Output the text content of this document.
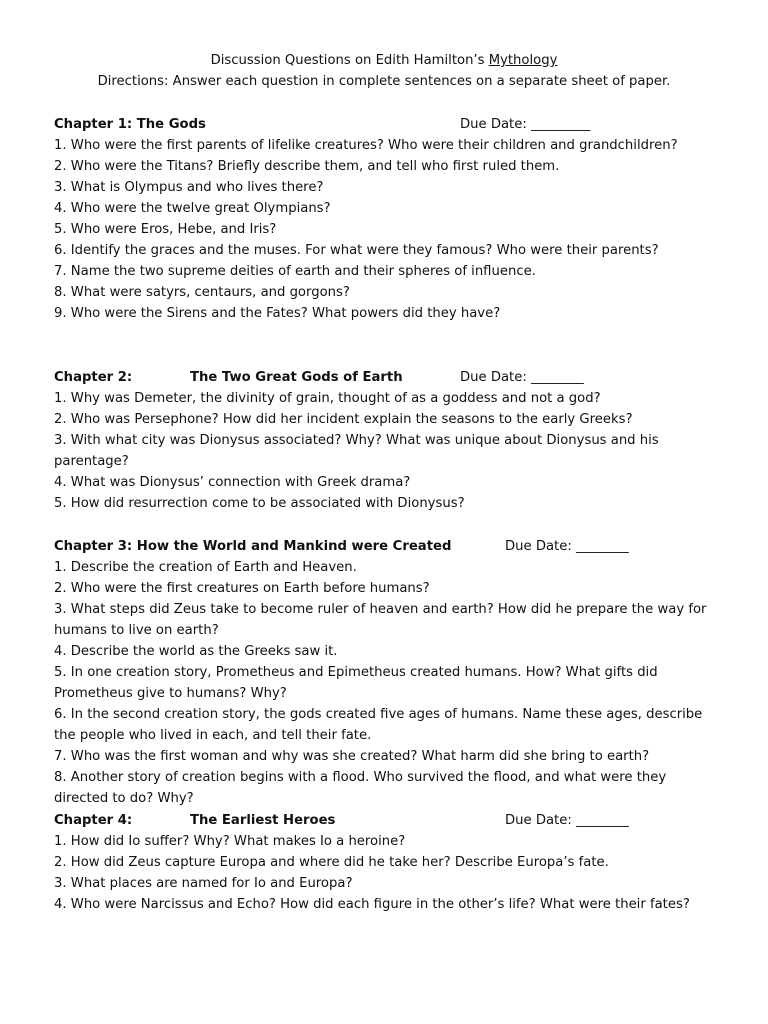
Discussion Questions on Edith Hamilton’s Mythology
Directions: Answer each question in complete sentences on a separate sheet of paper.
Chapter 1: The Gods	Due Date: _________

1. Who were the first parents of lifelike creatures? Who were their children and grandchildren?

2. Who were the Titans? Briefly describe them, and tell who first ruled them.

3. What is Olympus and who lives there?

4. Who were the twelve great Olympians?

5. Who were Eros, Hebe, and Iris?

6. Identify the graces and the muses. For what were they famous? Who were their parents?

7. Name the two supreme deities of earth and their spheres of influence.

8. What were satyrs, centaurs, and gorgons?

9. Who were the Sirens and the Fates? What powers did they have?

Chapter 2:	The Two Great Gods of Earth	Due Date: ________

1. Why was Demeter, the divinity of grain, thought of as a goddess and not a god?

2. Who was Persephone? How did her incident explain the seasons to the early Greeks?

3. With what city was Dionysus associated? Why? What was unique about Dionysus and his parentage?

4. What was Dionysus’ connection with Greek drama?

5. How did resurrection come to be associated with Dionysus?

Chapter 3: How the World and Mankind were Created	Due Date: ________

1. Describe the creation of Earth and Heaven.

2. Who were the first creatures on Earth before humans?

3. What steps did Zeus take to become ruler of heaven and earth? How did he prepare the way for humans to live on earth?

4. Describe the world as the Greeks saw it.

5. In one creation story, Prometheus and Epimetheus created humans. How? What gifts did Prometheus give to humans? Why?

6. In the second creation story, the gods created five ages of humans. Name these ages, describe the people who lived in each, and tell their fate.

7. Who was the first woman and why was she created? What harm did she bring to earth?

8. Another story of creation begins with a flood. Who survived the flood, and what were they directed to do? Why?

Chapter 4:	The Earliest Heroes	Due Date: ________

1. How did Io suffer? Why? What makes Io a heroine?

2. How did Zeus capture Europa and where did he take her? Describe Europa’s fate.

3. What places are named for Io and Europa?

4. Who were Narcissus and Echo? How did each figure in the other’s life? What were their fates?
